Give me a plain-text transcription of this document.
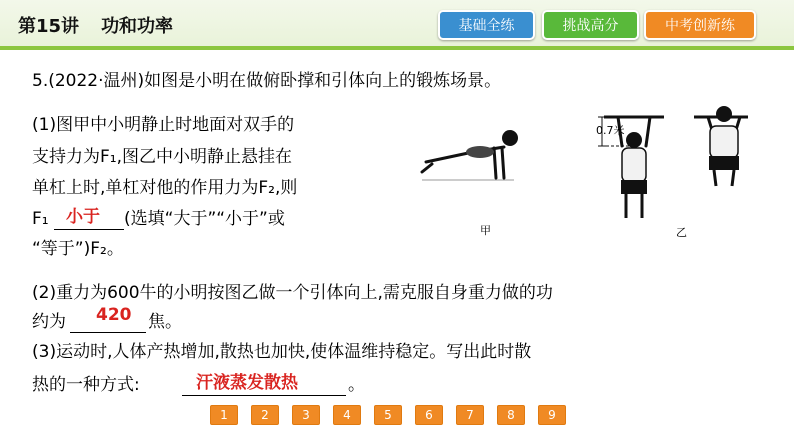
第15讲 功和功率	基础全练	挑战高分	中考创新练
5.(2022·温州)如图是小明在做俯卧撑和引体向上的锻炼场景。
(1)图甲中小明静止时地面对双手的
支持力为F₁,图乙中小明静止悬挂在
单杠上时,单杠对他的作用力为F₂,则
F₁ 小于 (选填“大于”“小于”或
“等于”)F₂。
0.7米
甲	乙
(2)重力为600牛的小明按图乙做一个引体向上,需克服自身重力做的功
约为 420 焦。
(3)运动时,人体产热增加,散热也加快,使体温维持稳定。写出此时散
热的一种方式:	汗液蒸发散热	。
1	2	3	4	5	6	7	8	9
